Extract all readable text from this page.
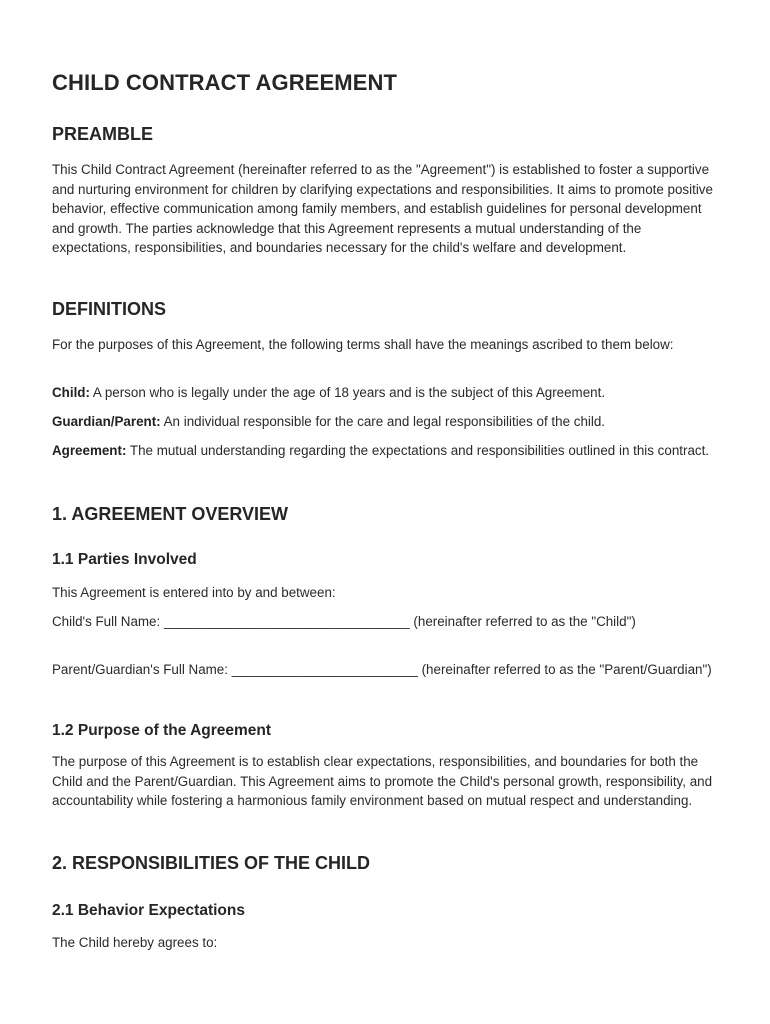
CHILD CONTRACT AGREEMENT
PREAMBLE

This Child Contract Agreement (hereinafter referred to as the "Agreement") is established to foster a supportive and nurturing environment for children by clarifying expectations and responsibilities. It aims to promote positive behavior, effective communication among family members, and establish guidelines for personal development and growth. The parties acknowledge that this Agreement represents a mutual understanding of the expectations, responsibilities, and boundaries necessary for the child's welfare and development.

DEFINITIONS

For the purposes of this Agreement, the following terms shall have the meanings ascribed to them below:

Child: A person who is legally under the age of 18 years and is the subject of this Agreement.

Guardian/Parent: An individual responsible for the care and legal responsibilities of the child.

Agreement: The mutual understanding regarding the expectations and responsibilities outlined in this contract.

1. AGREEMENT OVERVIEW
1.1 Parties Involved

This Agreement is entered into by and between:

Child's Full Name: _________________________________ (hereinafter referred to as the "Child")

Parent/Guardian's Full Name: _________________________ (hereinafter referred to as the "Parent/Guardian")

1.2 Purpose of the Agreement

The purpose of this Agreement is to establish clear expectations, responsibilities, and boundaries for both the Child and the Parent/Guardian. This Agreement aims to promote the Child's personal growth, responsibility, and accountability while fostering a harmonious family environment based on mutual respect and understanding.

2. RESPONSIBILITIES OF THE CHILD
2.1 Behavior Expectations

The Child hereby agrees to:
